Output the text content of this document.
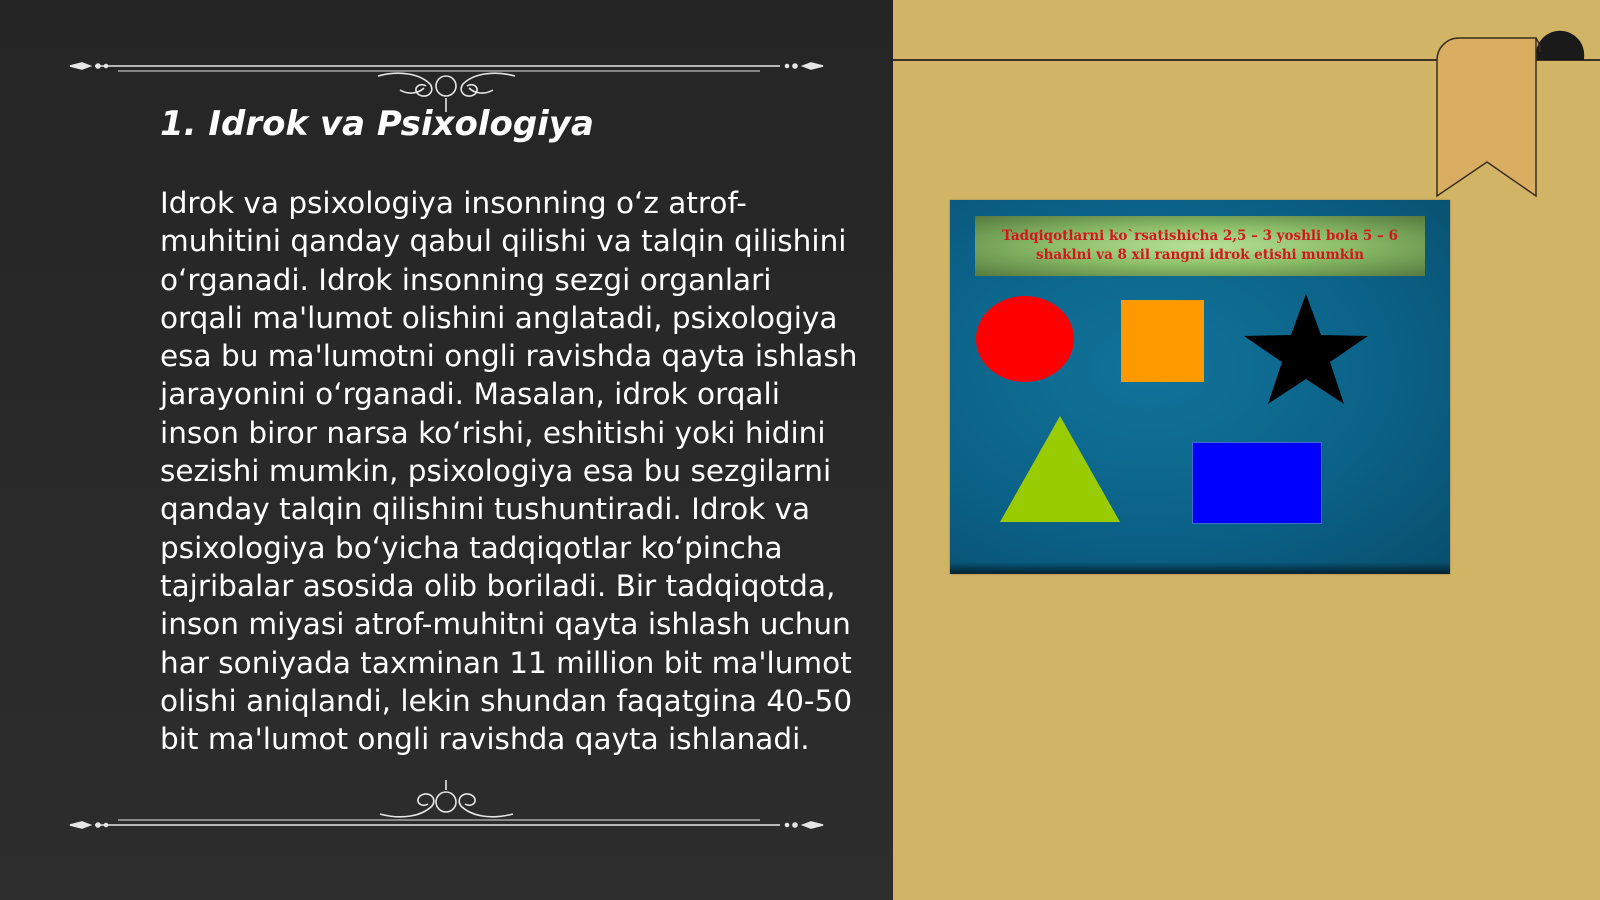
1. Idrok va Psixologiya

Idrok va psixologiya insonning o‘z atrof-muhitini qanday qabul qilishi va talqin qilishini o‘rganadi. Idrok insonning sezgi organlari orqali ma'lumot olishini anglatadi, psixologiya esa bu ma'lumotni ongli ravishda qayta ishlash jarayonini o‘rganadi. Masalan, idrok orqali inson biror narsa ko‘rishi, eshitishi yoki hidini sezishi mumkin, psixologiya esa bu sezgilarni qanday talqin qilishini tushuntiradi. Idrok va psixologiya bo‘yicha tadqiqotlar ko‘pincha tajribalar asosida olib boriladi. Bir tadqiqotda, inson miyasi atrof-muhitni qayta ishlash uchun har soniyada taxminan 11 million bit ma'lumot olishi aniqlandi, lekin shundan faqatgina 40-50 bit ma'lumot ongli ravishda qayta ishlanadi.

Tadqiqotlarni ko`rsatishicha 2,5 – 3 yoshli bola 5 – 6 shaklni va 8 xil rangni idrok etishi mumkin
